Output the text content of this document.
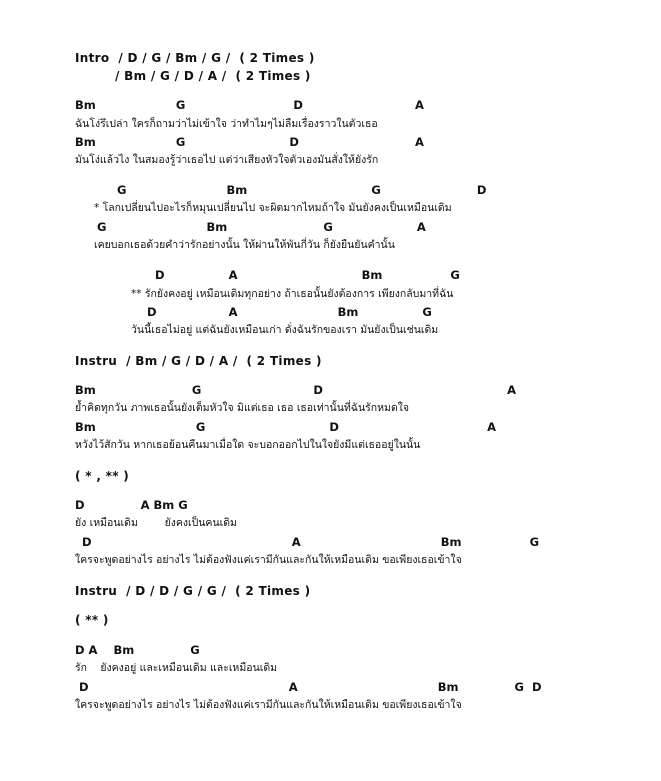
Intro  / D / G / Bm / G /  ( 2 Times )
/ Bm / G / D / A /  ( 2 Times )
Bm                    G                           D                            A
ฉันโง่รึเปล่า ใครก็ถามว่าไม่เข้าใจ ว่าทำไมๆไม่ลืมเรื่องราวในตัวเธอ
Bm                    G                          D                             A
มันโง่แล้วไง ในสมองรู้ว่าเธอไป แต่ว่าเสียงหัวใจตัวเองมันสั่งให้ยังรัก
G                         Bm                               G                        D
* โลกเปลี่ยนไปอะไรก็หมุนเปลี่ยนไป จะผิดมากไหมถ้าใจ มันยังคงเป็นเหมือนเดิม
G                         Bm                        G                     A
เคยบอกเธอด้วยคำว่ารักอย่างนั้น ให้ผ่านให้พันกี่วัน ก็ยังยืนยันคำนั้น
D                A                               Bm                 G
** รักยังคงอยู่ เหมือนเดิมทุกอย่าง ถ้าเธอนั้นยังต้องการ เพียงกลับมาที่ฉัน
D                  A                         Bm                G
วันนี้เธอไม่อยู่ แต่ฉันยังเหมือนเก่า ดั่งฉันรักของเรา มันยังเป็นเช่นเดิม
Instru  / Bm / G / D / A /  ( 2 Times )
Bm                        G                            D                                              A
ย้ำคิดทุกวัน ภาพเธอนั้นยังเต็มหัวใจ มิแต่เธอ เธอ เธอเท่านั้นที่ฉันรักหมดใจ
Bm                         G                               D                                     A
หวังไว้สักวัน หากเธอย้อนคืนมาเมื่อใด จะบอกออกไปในใจยังมีแต่เธออยู่ในนั้น
( * , ** )
D              A Bm G
ยัง เหมือนเดิม        ยังคงเป็นคนเดิม
D                                                  A                                   Bm                 G
ใครจะพูดอย่างไร อย่างไร ไม่ต้องฟังแค่เรามีกันและกันให้เหมือนเดิม ขอเพียงเธอเข้าใจ
Instru  / D / D / G / G /  ( 2 Times )
( ** )
D A    Bm              G
รัก    ยังคงอยู่ และเหมือนเดิม และเหมือนเดิม
D                                                  A                                   Bm              G  D
ใครจะพูดอย่างไร อย่างไร ไม่ต้องฟังแค่เรามีกันและกันให้เหมือนเดิม ขอเพียงเธอเข้าใจ
